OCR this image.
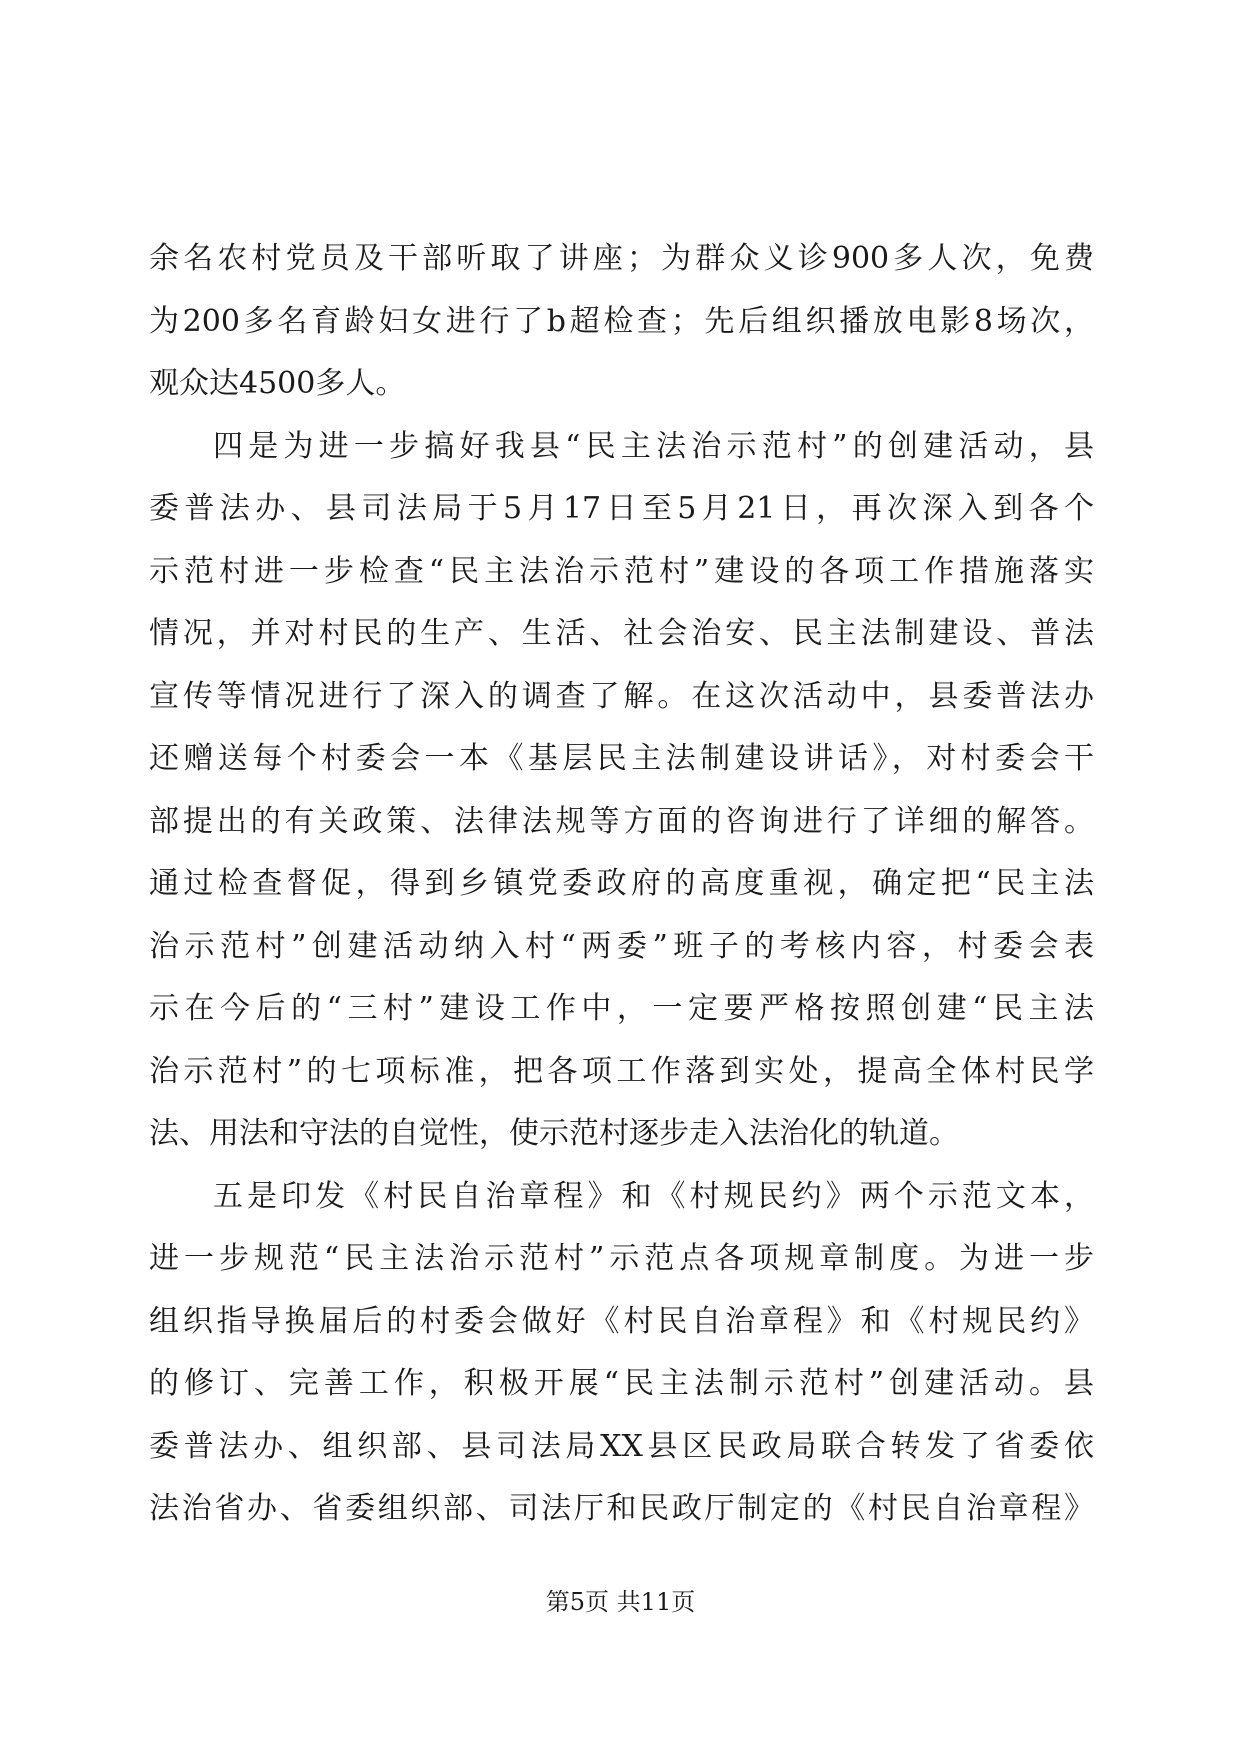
余名农村党员及干部听取了讲座；为群众义诊900多人次，免费
为200多名育龄妇女进行了b超检查；先后组织播放电影8场次，
观众达4500多人。
四是为进一步搞好我县“民主法治示范村”的创建活动，县
委普法办、县司法局于5月17日至5月21日，再次深入到各个
示范村进一步检查“民主法治示范村”建设的各项工作措施落实
情况，并对村民的生产、生活、社会治安、民主法制建设、普法
宣传等情况进行了深入的调查了解。在这次活动中，县委普法办
还赠送每个村委会一本《基层民主法制建设讲话》，对村委会干
部提出的有关政策、法律法规等方面的咨询进行了详细的解答。
通过检查督促，得到乡镇党委政府的高度重视，确定把“民主法
治示范村”创建活动纳入村“两委”班子的考核内容，村委会表
示在今后的“三村”建设工作中，一定要严格按照创建“民主法
治示范村”的七项标准，把各项工作落到实处，提高全体村民学
法、用法和守法的自觉性，使示范村逐步走入法治化的轨道。
五是印发《村民自治章程》和《村规民约》两个示范文本，
进一步规范“民主法治示范村”示范点各项规章制度。为进一步
组织指导换届后的村委会做好《村民自治章程》和《村规民约》
的修订、完善工作，积极开展“民主法制示范村”创建活动。县
委普法办、组织部、县司法局XX县区民政局联合转发了省委依
法治省办、省委组织部、司法厅和民政厅制定的《村民自治章程》
第5页 共11页
